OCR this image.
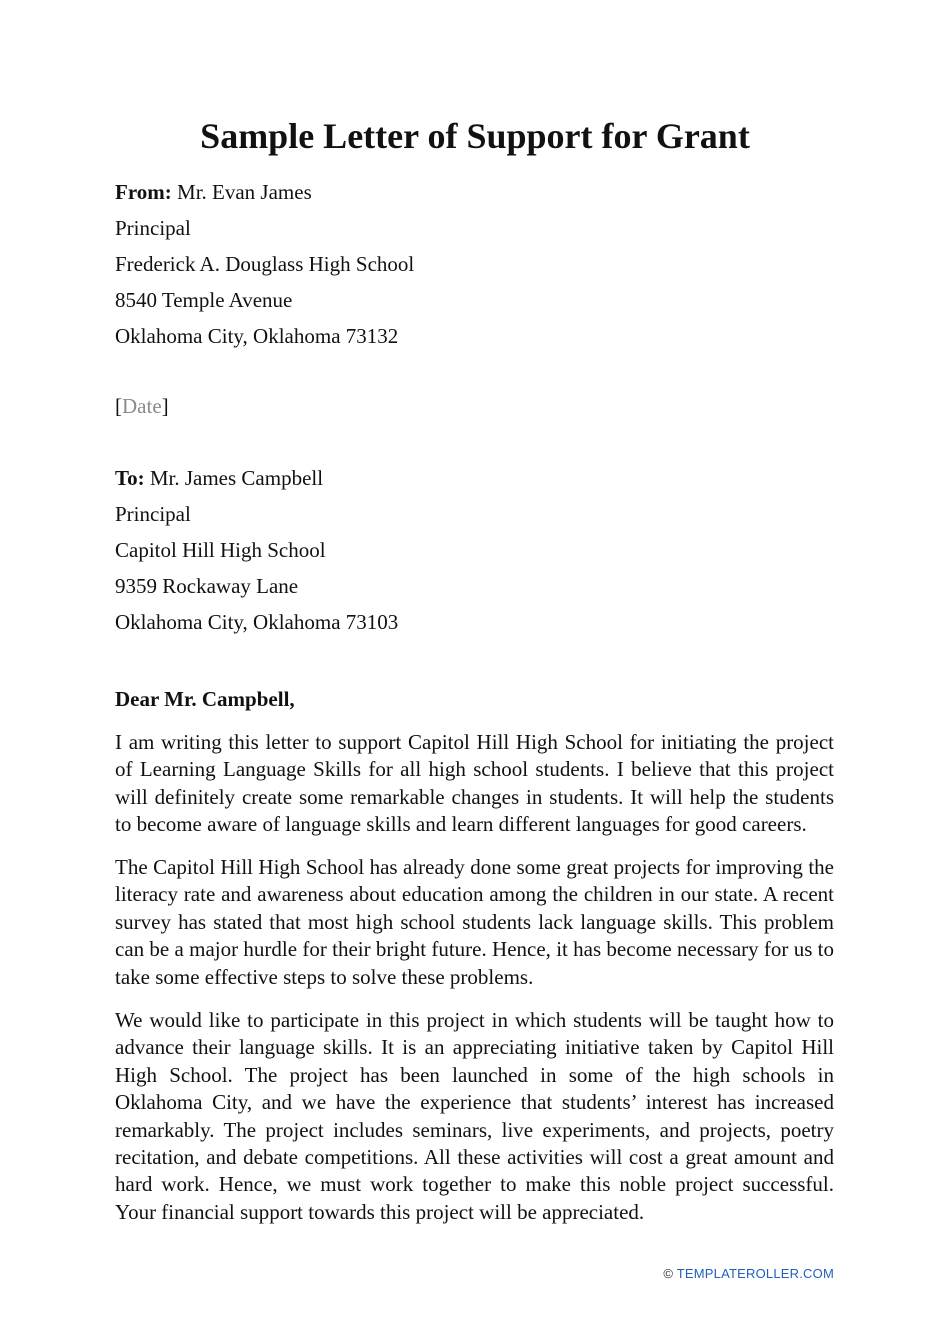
Sample Letter of Support for Grant
From: Mr. Evan James
Principal
Frederick A. Douglass High School
8540 Temple Avenue
Oklahoma City, Oklahoma 73132
[Date]
To: Mr. James Campbell
Principal
Capitol Hill High School
9359 Rockaway Lane
Oklahoma City, Oklahoma 73103

Dear Mr. Campbell,

I am writing this letter to support Capitol Hill High School for initiating the project of Learning Language Skills for all high school students. I believe that this project will definitely create some remarkable changes in students. It will help the students to become aware of language skills and learn different languages for good careers.

The Capitol Hill High School has already done some great projects for improving the literacy rate and awareness about education among the children in our state. A recent survey has stated that most high school students lack language skills. This problem can be a major hurdle for their bright future. Hence, it has become necessary for us to take some effective steps to solve these problems.

We would like to participate in this project in which students will be taught how to advance their language skills. It is an appreciating initiative taken by Capitol Hill High School. The project has been launched in some of the high schools in Oklahoma City, and we have the experience that students’ interest has increased remarkably. The project includes seminars, live experiments, and projects, poetry recitation, and debate competitions. All these activities will cost a great amount and hard work. Hence, we must work together to make this noble project successful. Your financial support towards this project will be appreciated.

© TEMPLATEROLLER.COM
